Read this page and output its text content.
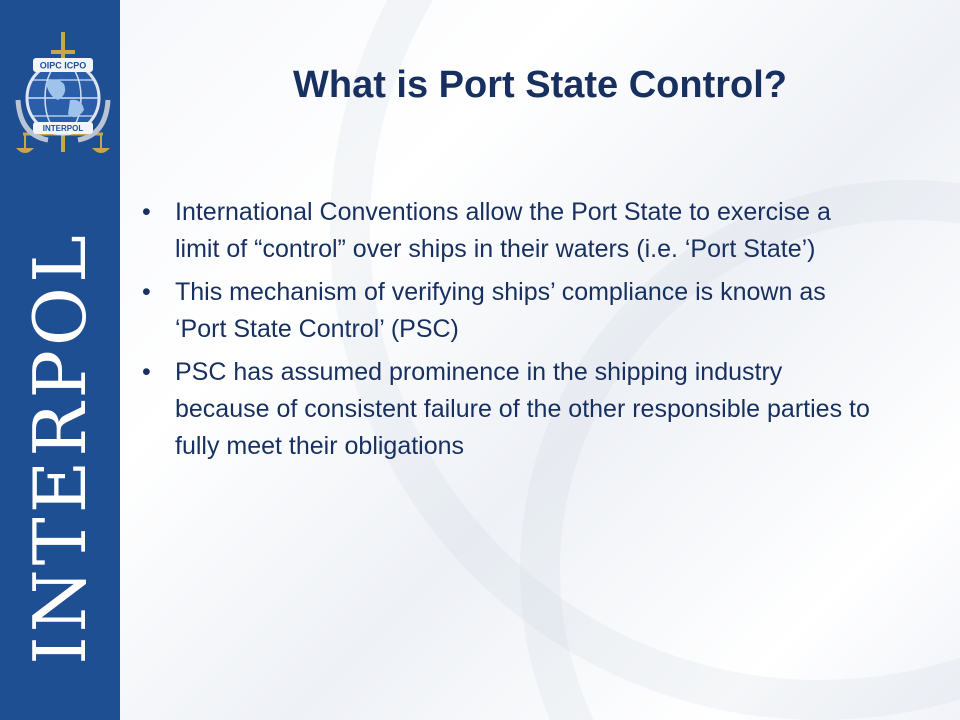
OIPC ICPO
INTERPOL
INTERPOL
What is Port State Control?
• International Conventions allow the Port State to exercise a limit of “control” over ships in their waters (i.e. ‘Port State’)
• This mechanism of verifying ships’ compliance is known as ‘Port State Control’ (PSC)
• PSC has assumed prominence in the shipping industry because of consistent failure of the other responsible parties to fully meet their obligations
